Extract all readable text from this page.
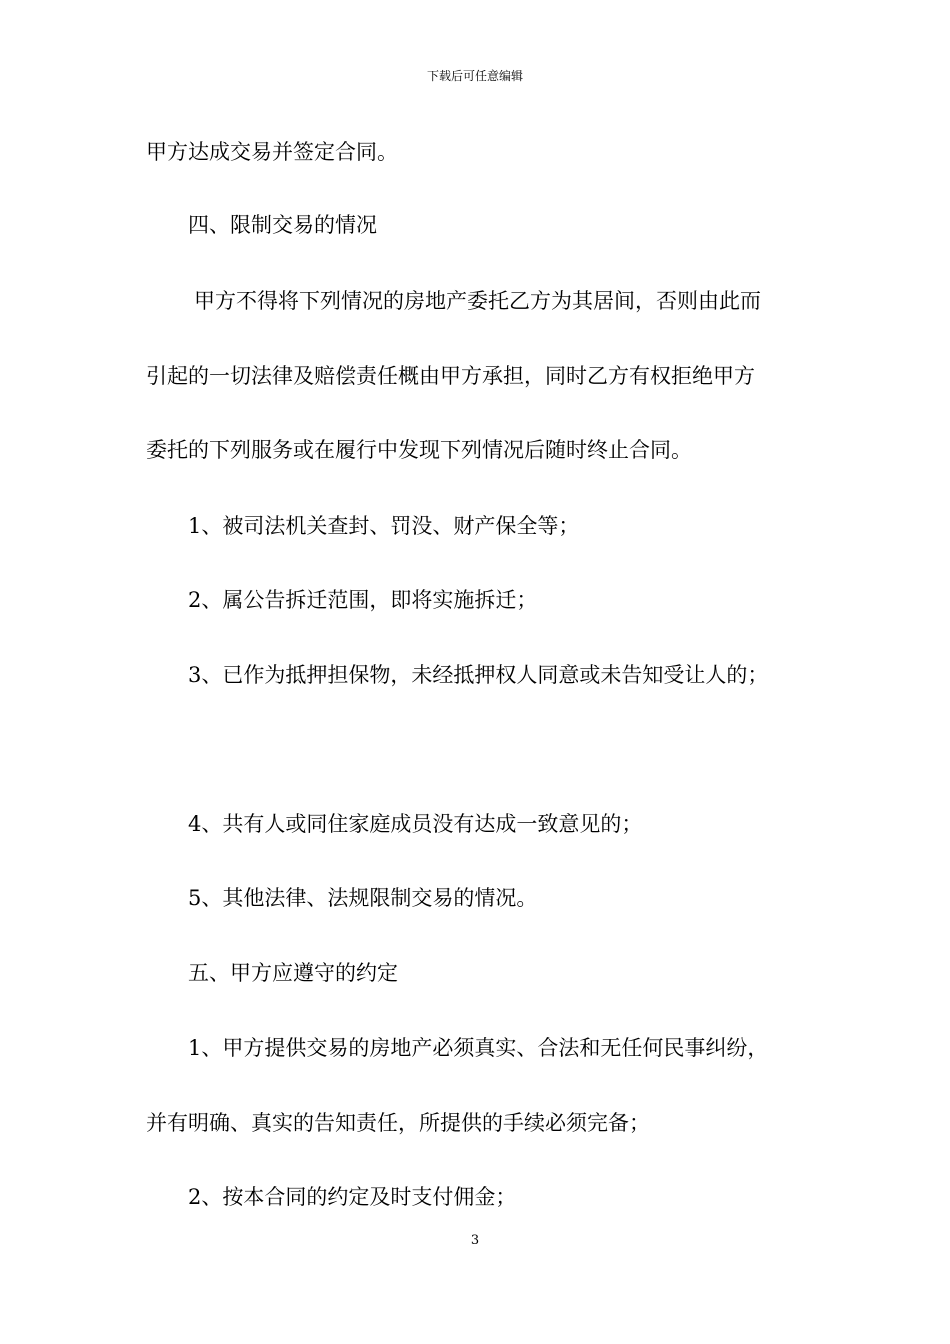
下载后可任意编辑
甲方达成交易并签定合同。
四、限制交易的情况
甲方不得将下列情况的房地产委托乙方为其居间，否则由此而
引起的一切法律及赔偿责任概由甲方承担，同时乙方有权拒绝甲方
委托的下列服务或在履行中发现下列情况后随时终止合同。
1、被司法机关查封、罚没、财产保全等；
2、属公告拆迁范围，即将实施拆迁；
3、已作为抵押担保物，未经抵押权人同意或未告知受让人的；
4、共有人或同住家庭成员没有达成一致意见的；
5、其他法律、法规限制交易的情况。
五、甲方应遵守的约定
1、甲方提供交易的房地产必须真实、合法和无任何民事纠纷，
并有明确、真实的告知责任，所提供的手续必须完备；
2、按本合同的约定及时支付佣金；
3
